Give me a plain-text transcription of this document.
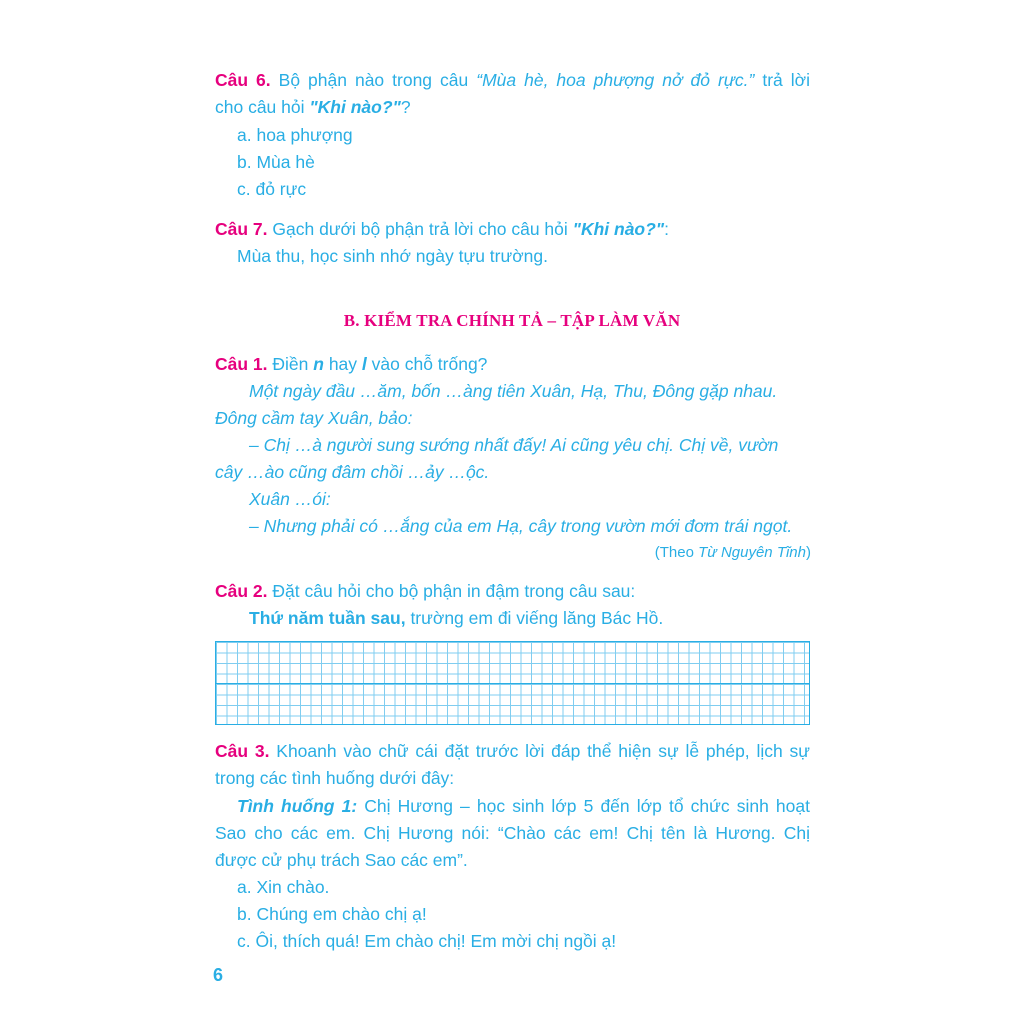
Câu 6. Bộ phận nào trong câu “Mùa hè, hoa phượng nở đỏ rực.” trả lời
cho câu hỏi "Khi nào?"?
a. hoa phượng
b. Mùa hè
c. đỏ rực
Câu 7. Gạch dưới bộ phận trả lời cho câu hỏi "Khi nào?":
Mùa thu, học sinh nhớ ngày tựu trường.
B. KIỂM TRA CHÍNH TẢ – TẬP LÀM VĂN
Câu 1. Điền n hay l vào chỗ trống?
Một ngày đầu …ăm, bốn …àng tiên Xuân, Hạ, Thu, Đông gặp nhau.
Đông cầm tay Xuân, bảo:
– Chị …à người sung sướng nhất đấy! Ai cũng yêu chị. Chị về, vườn
cây …ào cũng đâm chồi …ảy …ộc.
Xuân …ói:
– Nhưng phải có …ắng của em Hạ, cây trong vườn mới đơm trái ngọt.
(Theo Từ Nguyên Tĩnh)
Câu 2. Đặt câu hỏi cho bộ phận in đậm trong câu sau:
Thứ năm tuần sau, trường em đi viếng lăng Bác Hồ.
Câu 3. Khoanh vào chữ cái đặt trước lời đáp thể hiện sự lễ phép, lịch sự
trong các tình huống dưới đây:
Tình huống 1: Chị Hương – học sinh lớp 5 đến lớp tổ chức sinh hoạt
Sao cho các em. Chị Hương nói: “Chào các em! Chị tên là Hương. Chị
được cử phụ trách Sao các em”.
a. Xin chào.
b. Chúng em chào chị ạ!
c. Ôi, thích quá! Em chào chị! Em mời chị ngồi ạ!
6
